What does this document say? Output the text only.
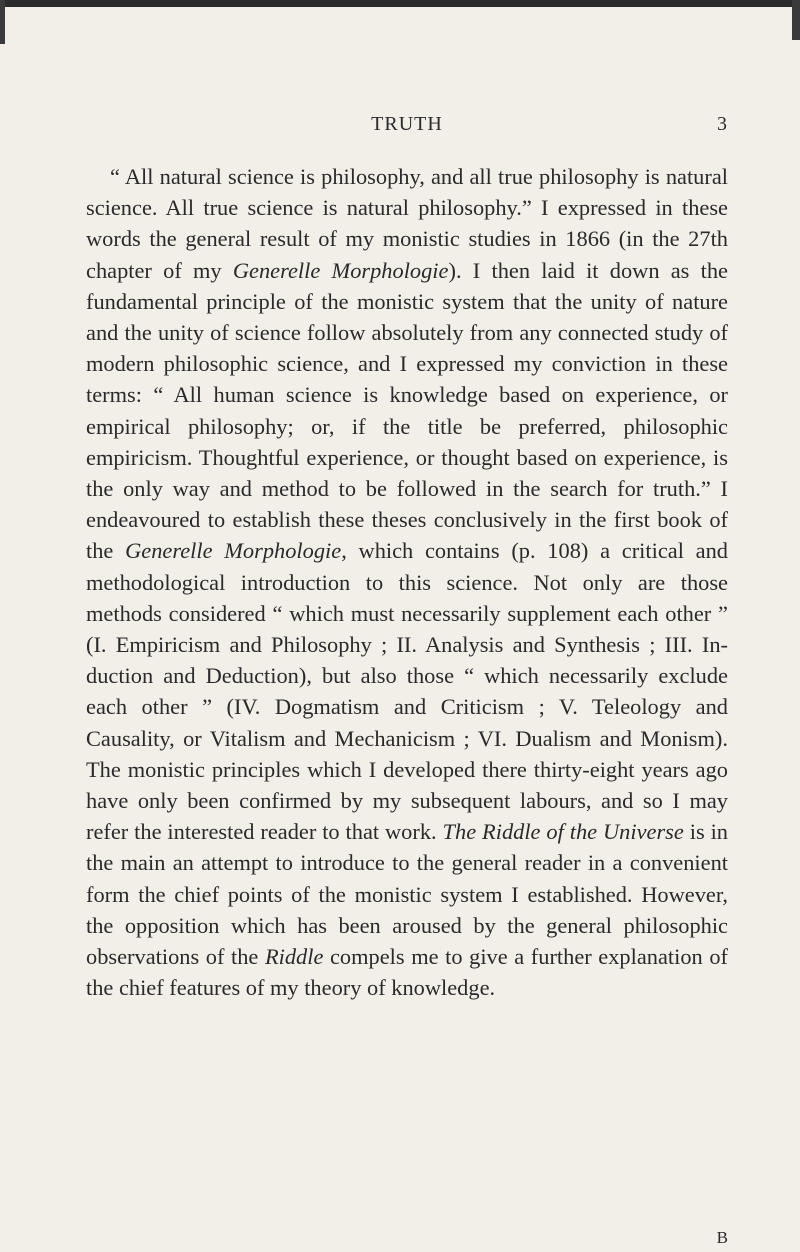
TRUTH	3

“ All natural science is philosophy, and all true philosophy is natural science. All true science is natural philosophy.” I expressed in these words the general result of my monistic studies in 1866 (in the 27th chapter of my Generelle Morphologie). I then laid it down as the fundamental principle of the monistic system that the unity of nature and the unity of science follow absolutely from any connected study of modern philosophic science, and I expressed my conviction in these terms: “ All human science is knowledge based on experience, or empirical philosophy; or, if the title be preferred, philosophic empiricism. Thoughtful experience, or thought based on experience, is the only way and method to be followed in the search for truth.” I endeavoured to establish these theses conclusively in the first book of the Generelle Morphologie, which contains (p. 108) a critical and methodological introduction to this science. Not only are those methods considered “ which must necessarily supplement each other ” (I. Empiricism and Philosophy ; II. Analysis and Synthesis ; III. Induction and Deduction), but also those “ which necessarily exclude each other ” (IV. Dogmatism and Criticism ; V. Teleology and Causality, or Vitalism and Mechanicism ; VI. Dualism and Monism). The monistic principles which I developed there thirty-eight years ago have only been confirmed by my subsequent labours, and so I may refer the interested reader to that work. The Riddle of the Universe is in the main an attempt to introduce to the general reader in a convenient form the chief points of the monistic system I established. However, the opposition which has been aroused by the general philosophic observations of the Riddle compels me to give a further explanation of the chief features of my theory of knowledge.

B
